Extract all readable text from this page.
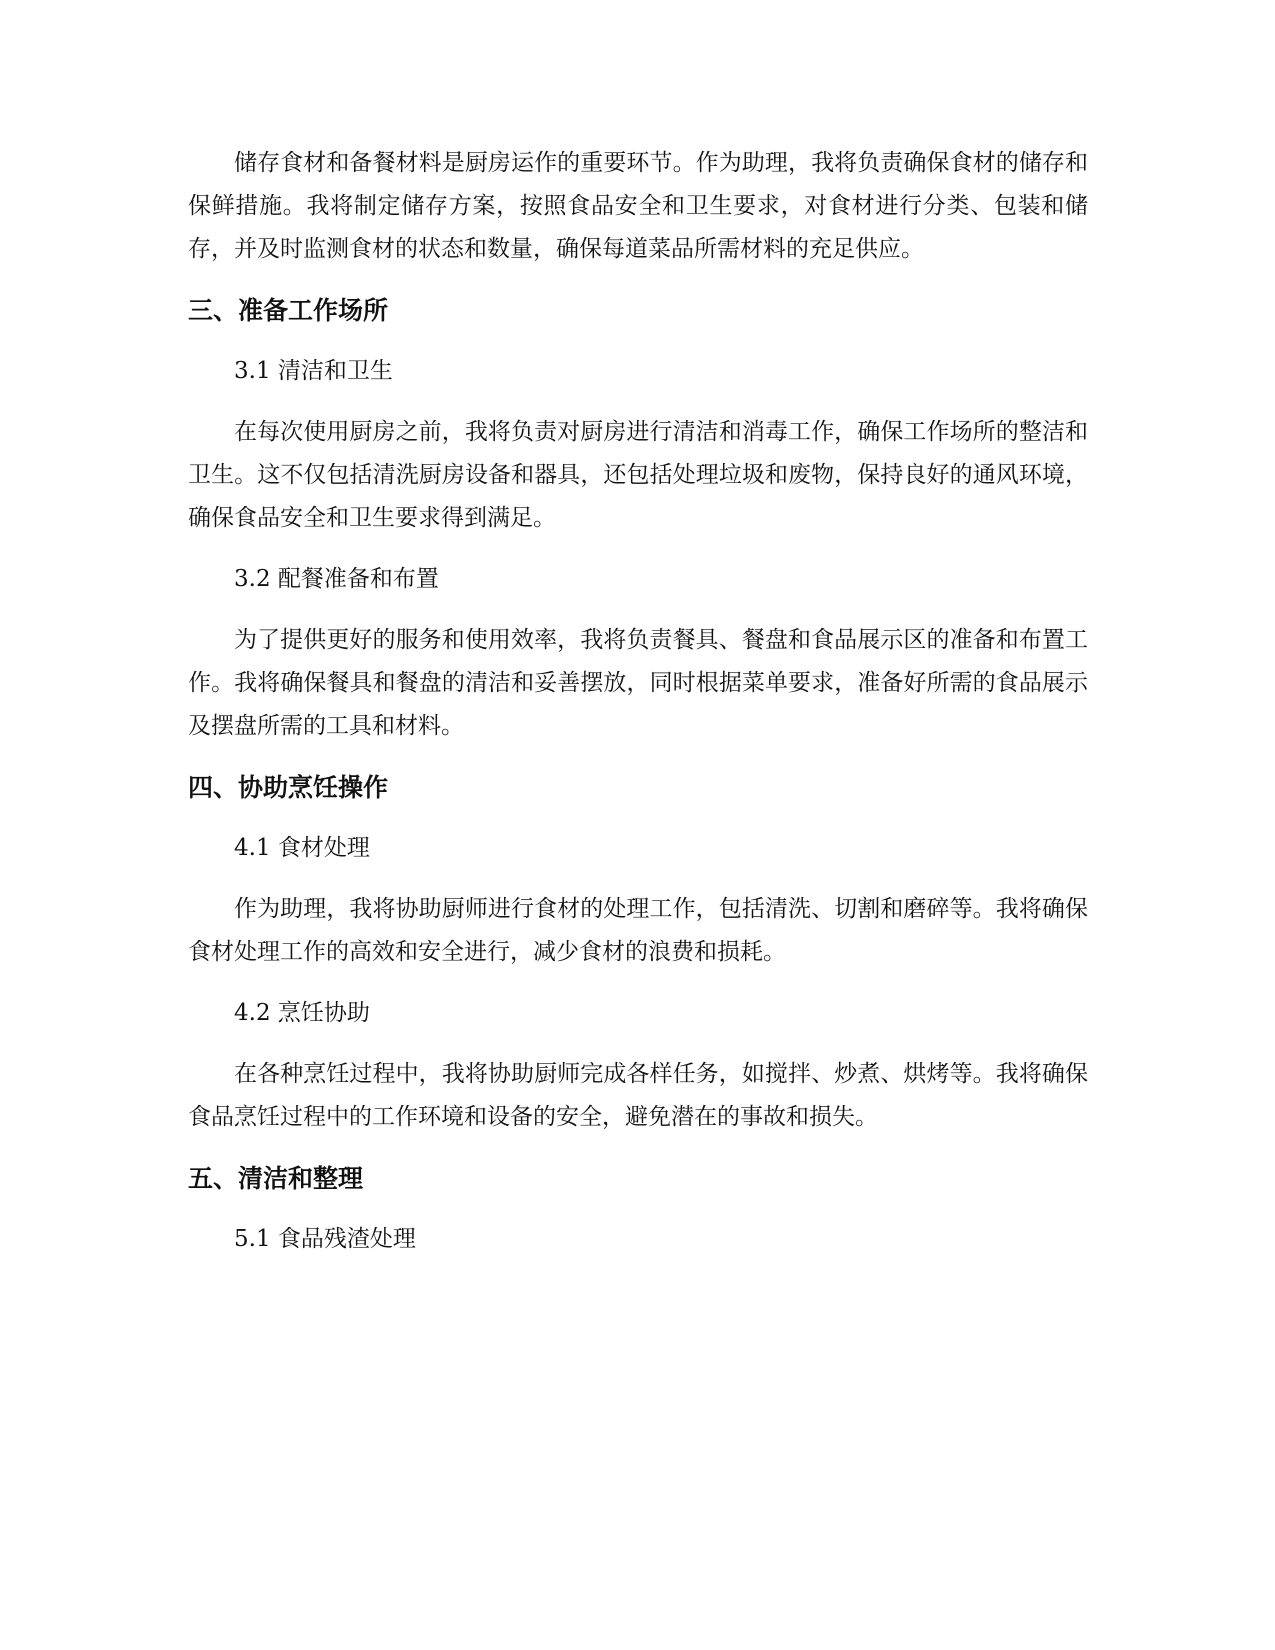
储存食材和备餐材料是厨房运作的重要环节。作为助理，我将负责确保食材的储存和保鲜措施。我将制定储存方案，按照食品安全和卫生要求，对食材进行分类、包装和储存，并及时监测食材的状态和数量，确保每道菜品所需材料的充足供应。

三、准备工作场所

3.1 清洁和卫生

在每次使用厨房之前，我将负责对厨房进行清洁和消毒工作，确保工作场所的整洁和卫生。这不仅包括清洗厨房设备和器具，还包括处理垃圾和废物，保持良好的通风环境，确保食品安全和卫生要求得到满足。

3.2 配餐准备和布置

为了提供更好的服务和使用效率，我将负责餐具、餐盘和食品展示区的准备和布置工作。我将确保餐具和餐盘的清洁和妥善摆放，同时根据菜单要求，准备好所需的食品展示及摆盘所需的工具和材料。

四、协助烹饪操作

4.1 食材处理

作为助理，我将协助厨师进行食材的处理工作，包括清洗、切割和磨碎等。我将确保食材处理工作的高效和安全进行，减少食材的浪费和损耗。

4.2 烹饪协助

在各种烹饪过程中，我将协助厨师完成各样任务，如搅拌、炒煮、烘烤等。我将确保食品烹饪过程中的工作环境和设备的安全，避免潜在的事故和损失。

五、清洁和整理

5.1 食品残渣处理
